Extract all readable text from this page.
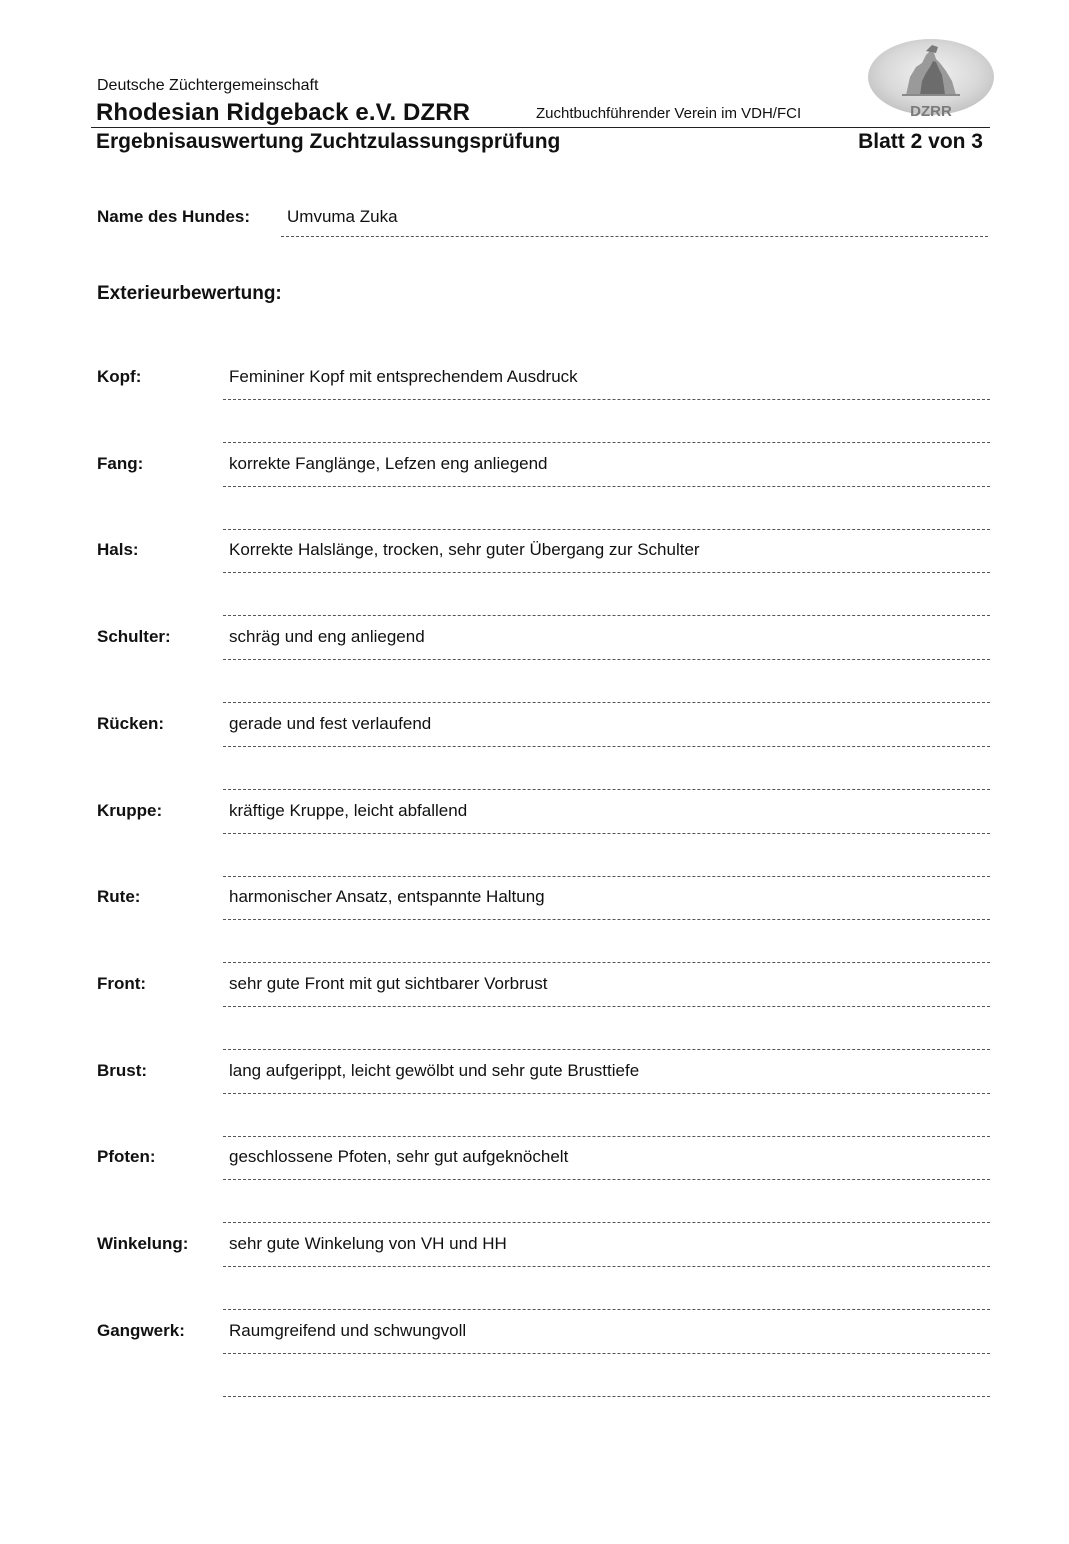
Deutsche Züchtergemeinschaft
Rhodesian Ridgeback e.V. DZRR	Zuchtbuchführender Verein im VDH/FCI
Ergebnisauswertung Zuchtzulassungsprüfung	Blatt 2 von 3
DZRR
Name des Hundes: Umvuma Zuka
Exterieurbewertung:
Kopf:	Femininer Kopf mit entsprechendem Ausdruck
Fang:	korrekte Fanglänge, Lefzen eng anliegend
Hals:	Korrekte Halslänge, trocken, sehr guter Übergang zur Schulter
Schulter:	schräg und eng anliegend
Rücken:	gerade und fest verlaufend
Kruppe:	kräftige Kruppe, leicht abfallend
Rute:	harmonischer Ansatz, entspannte Haltung
Front:	sehr gute Front mit gut sichtbarer Vorbrust
Brust:	lang aufgerippt, leicht gewölbt und sehr gute Brusttiefe
Pfoten:	geschlossene Pfoten, sehr gut aufgeknöchelt
Winkelung: sehr gute Winkelung von VH und HH
Gangwerk:	Raumgreifend und schwungvoll
